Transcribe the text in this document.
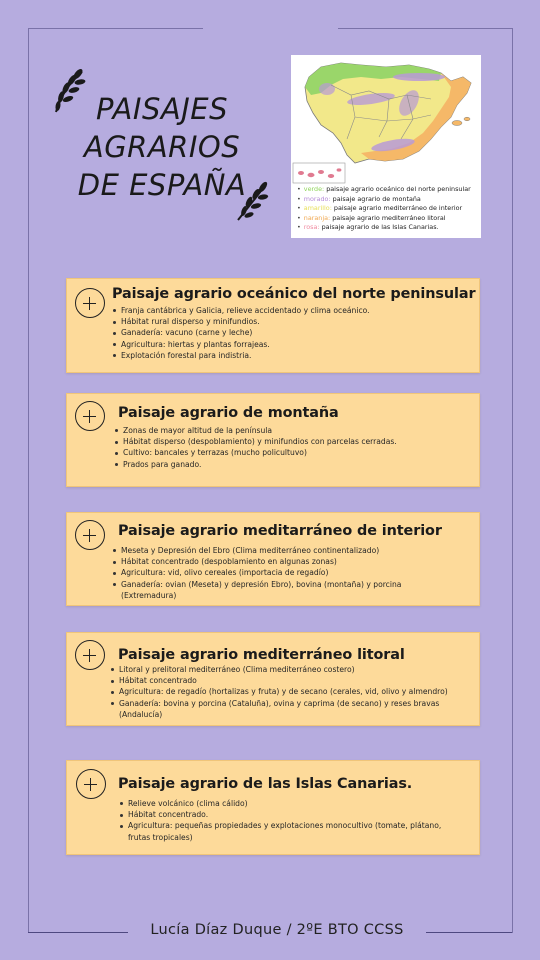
PAISAJES
AGRARIOS
DE ESPAÑA	• verde: paisaje agrario oceánico del norte peninsular
• morado: paisaje agrario de montaña
• amarillo: paisaje agrario mediterráneo de interior
• naranja: paisaje agrario mediterráneo litoral
• rosa: paisaje agrario de las Islas Canarias.
Paisaje agrario oceánico del norte peninsular
Franja cantábrica y Galicia, relieve accidentado y clima oceánico.
Hábitat rural disperso y minifundios.
Ganadería: vacuno (carne y leche)
Agricultura: hiertas y plantas forrajeas.
Explotación forestal para indistria.
Paisaje agrario de montaña
Zonas de mayor altitud de la península
Hábitat disperso (despoblamiento) y minifundios con parcelas cerradas.
Cultivo: bancales y terrazas (mucho policultuvo)
Prados para ganado.
Paisaje agrario meditarráneo de interior
Meseta y Depresión del Ebro (Clima mediterráneo continentalizado)
Hábitat concentrado (despoblamiento en algunas zonas)
Agricultura: vid, olivo cereales (importacia de regadío)
Ganadería: ovian (Meseta) y depresión Ebro), bovina (montaña) y porcina (Extremadura)
Paisaje agrario mediterráneo litoral
Litoral y prelitoral mediterráneo (Clima mediterráneo costero)
Hábitat concentrado
Agricultura: de regadío (hortalizas y fruta) y de secano (cerales, vid, olivo y almendro)
Ganadería: bovina y porcina (Cataluña), ovina y caprima (de secano) y reses bravas (Andalucía)
Paisaje agrario de las Islas Canarias.
Relieve volcánico (clima cálido)
Hábitat concentrado.
Agricultura: pequeñas propiedades y explotaciones monocultivo (tomate, plátano, frutas tropicales)
Lucía Díaz Duque / 2ºE BTO CCSS
